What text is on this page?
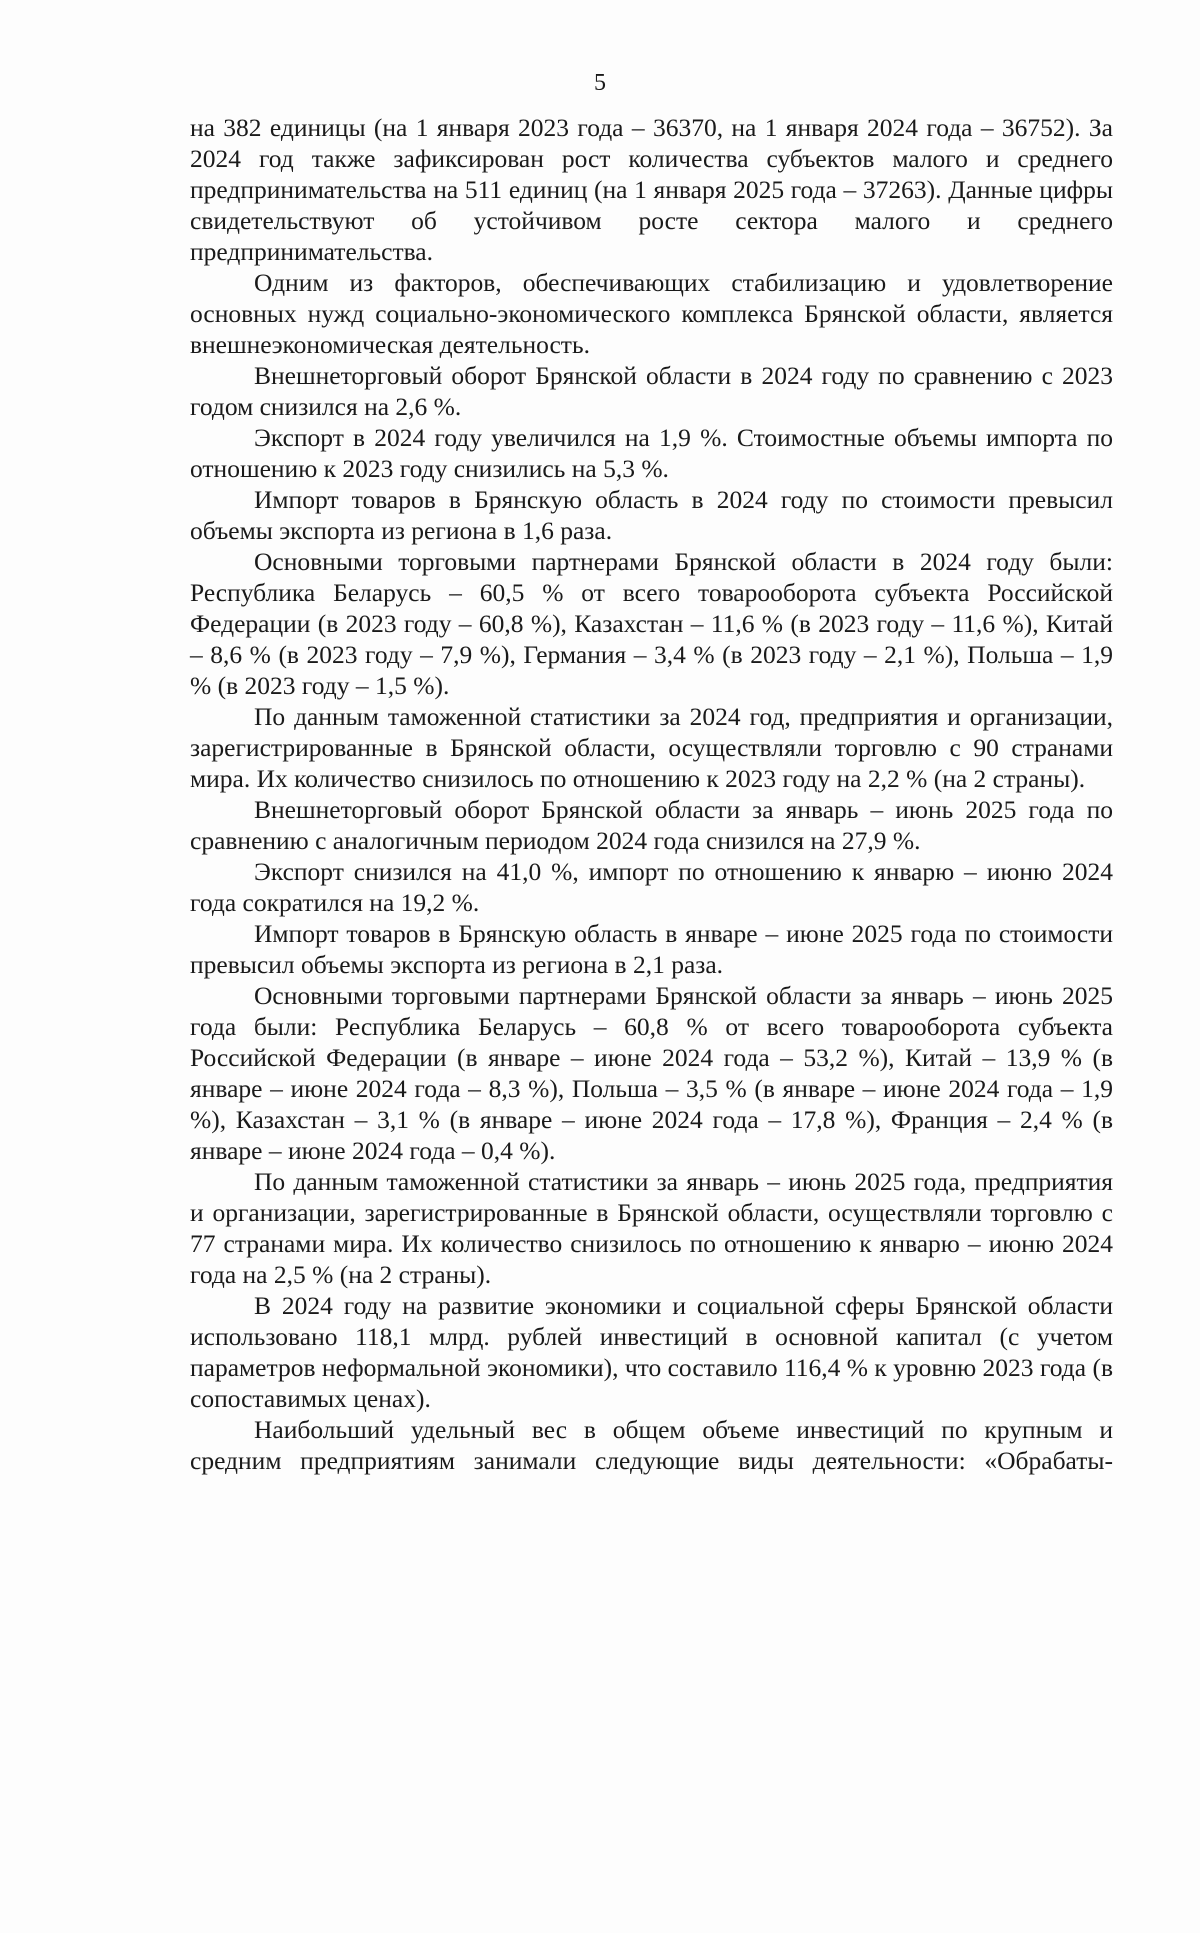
5

на 382 единицы (на 1 января 2023 года – 36370, на 1 января 2024 года – 36752). За 2024 год также зафиксирован рост количества субъектов малого и среднего предпринимательства на 511 единиц (на 1 января 2025 года – 37263). Данные цифры свидетельствуют об устойчивом росте сектора малого и среднего предпринимательства.

Одним из факторов, обеспечивающих стабилизацию и удовлетворение основных нужд социально-экономического комплекса Брянской области, является внешнеэкономическая деятельность.

Внешнеторговый оборот Брянской области в 2024 году по сравнению с 2023 годом снизился на 2,6 %.

Экспорт в 2024 году увеличился на 1,9 %. Стоимостные объемы импорта по отношению к 2023 году снизились на 5,3 %.

Импорт товаров в Брянскую область в 2024 году по стоимости превысил объемы экспорта из региона в 1,6 раза.

Основными торговыми партнерами Брянской области в 2024 году были: Республика Беларусь – 60,5 % от всего товарооборота субъекта Российской Федерации (в 2023 году – 60,8 %), Казахстан – 11,6 % (в 2023 году – 11,6 %), Китай – 8,6 % (в 2023 году – 7,9 %), Германия – 3,4 % (в 2023 году – 2,1 %), Польша – 1,9 % (в 2023 году – 1,5 %).

По данным таможенной статистики за 2024 год, предприятия и организации, зарегистрированные в Брянской области, осуществляли торговлю с 90 странами мира. Их количество снизилось по отношению к 2023 году на 2,2 % (на 2 страны).

Внешнеторговый оборот Брянской области за январь – июнь 2025 года по сравнению с аналогичным периодом 2024 года снизился на 27,9 %.

Экспорт снизился на 41,0 %, импорт по отношению к январю – июню 2024 года сократился на 19,2 %.

Импорт товаров в Брянскую область в январе – июне 2025 года по стоимости превысил объемы экспорта из региона в 2,1 раза.

Основными торговыми партнерами Брянской области за январь – июнь 2025 года были: Республика Беларусь – 60,8 % от всего товарооборота субъекта Российской Федерации (в январе – июне 2024 года – 53,2 %), Китай – 13,9 % (в январе – июне 2024 года – 8,3 %), Польша – 3,5 % (в январе – июне 2024 года – 1,9 %), Казахстан – 3,1 % (в январе – июне 2024 года – 17,8 %), Франция – 2,4 % (в январе – июне 2024 года – 0,4 %).

По данным таможенной статистики за январь – июнь 2025 года, предприятия и организации, зарегистрированные в Брянской области, осуществляли торговлю с 77 странами мира. Их количество снизилось по отношению к январю – июню 2024 года на 2,5 % (на 2 страны).

В 2024 году на развитие экономики и социальной сферы Брянской области использовано 118,1 млрд. рублей инвестиций в основной капитал (с учетом параметров неформальной экономики), что составило 116,4 % к уровню 2023 года (в сопоставимых ценах).

Наибольший удельный вес в общем объеме инвестиций по крупным и средним предприятиям занимали следующие виды деятельности: «Обрабаты-
